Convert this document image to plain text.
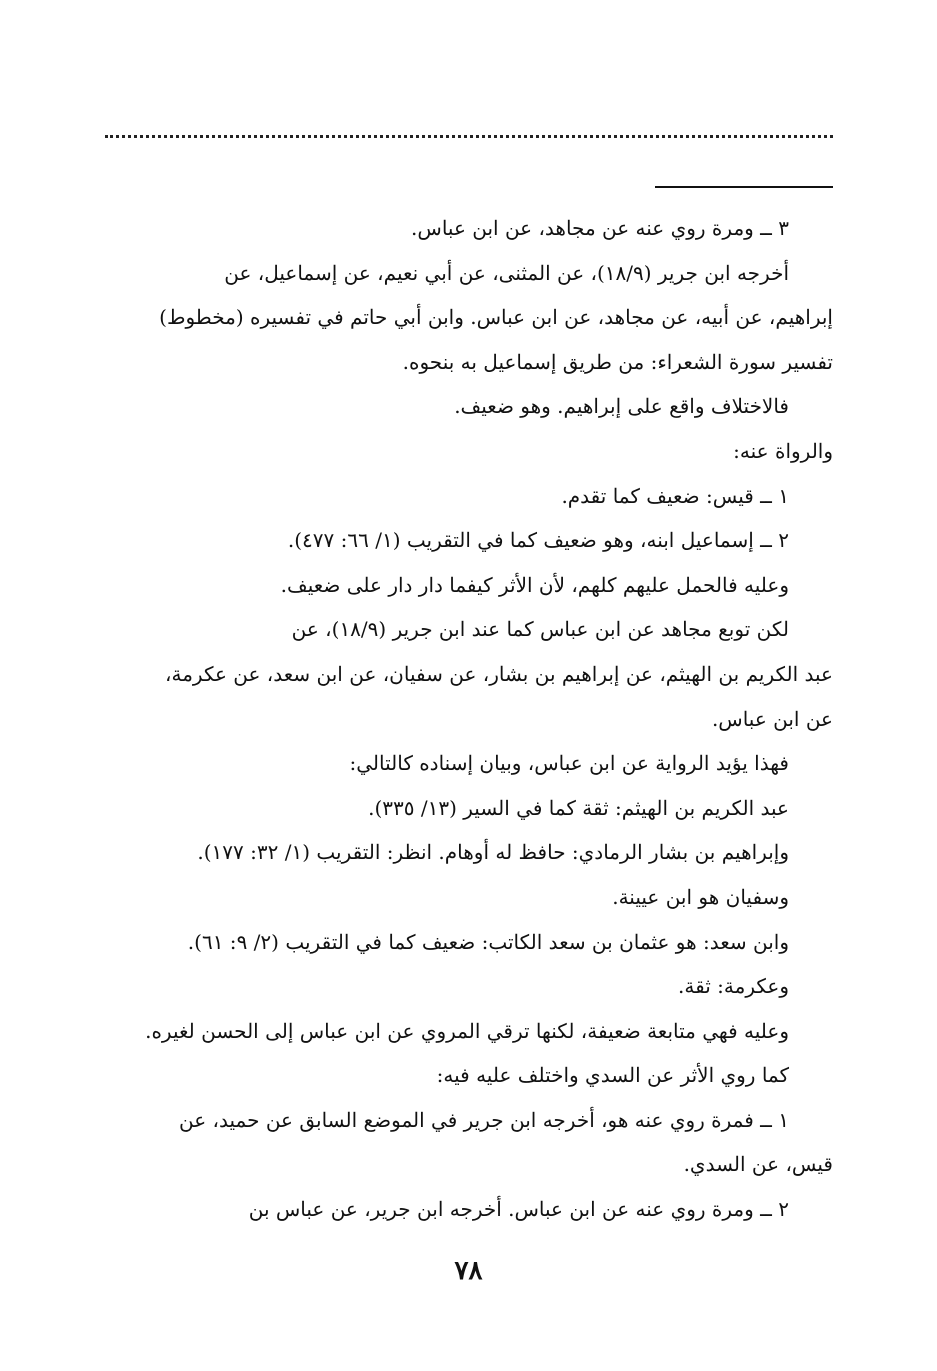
٣ ــ ومرة روي عنه عن مجاهد، عن ابن عباس.
أخرجه ابن جرير (١٨/٩)، عن المثنى، عن أبي نعيم، عن إسماعيل، عن
إبراهيم، عن أبيه، عن مجاهد، عن ابن عباس. وابن أبي حاتم في تفسيره (مخطوط)
تفسير سورة الشعراء: من طريق إسماعيل به بنحوه.
فالاختلاف واقع على إبراهيم. وهو ضعيف.
والرواة عنه:
١ ــ قيس: ضعيف كما تقدم.
٢ ــ إسماعيل ابنه، وهو ضعيف كما في التقريب (١/ ٦٦: ٤٧٧).
وعليه فالحمل عليهم كلهم، لأن الأثر كيفما دار دار على ضعيف.
لكن توبع مجاهد عن ابن عباس كما عند ابن جرير (١٨/٩)، عن
عبد الكريم بن الهيثم، عن إبراهيم بن بشار، عن سفيان، عن ابن سعد، عن عكرمة،
عن ابن عباس.
فهذا يؤيد الرواية عن ابن عباس، وبيان إسناده كالتالي:
عبد الكريم بن الهيثم: ثقة كما في السير (١٣/ ٣٣٥).
وإبراهيم بن بشار الرمادي: حافظ له أوهام. انظر: التقريب (١/ ٣٢: ١٧٧).
وسفيان هو ابن عيينة.
وابن سعد: هو عثمان بن سعد الكاتب: ضعيف كما في التقريب (٢/ ٩: ٦١).
وعكرمة: ثقة.
وعليه فهي متابعة ضعيفة، لكنها ترقي المروي عن ابن عباس إلى الحسن لغيره.
كما روي الأثر عن السدي واختلف عليه فيه:
١ ــ فمرة روي عنه هو، أخرجه ابن جرير في الموضع السابق عن حميد، عن
قيس، عن السدي.
٢ ــ ومرة روي عنه عن ابن عباس. أخرجه ابن جرير، عن عباس بن
٧٨
